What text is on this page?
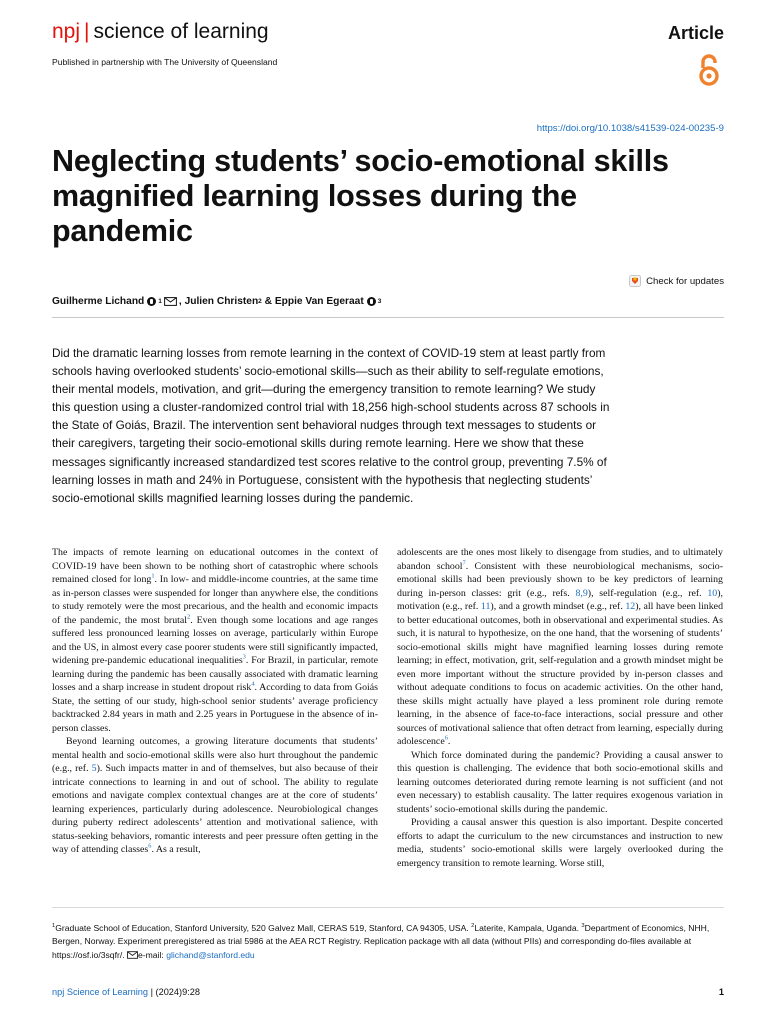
npj | science of learning	Article
Published in partnership with The University of Queensland
https://doi.org/10.1038/s41539-024-00235-9
Neglecting students’ socio-emotional skills magnified learning losses during the pandemic
Check for updates
Guilherme Lichand 1 , Julien Christen 2 & Eppie Van Egeraat 3
Did the dramatic learning losses from remote learning in the context of COVID-19 stem at least partly from schools having overlooked students’ socio-emotional skills—such as their ability to self-regulate emotions, their mental models, motivation, and grit—during the emergency transition to remote learning? We study this question using a cluster-randomized control trial with 18,256 high-school students across 87 schools in the State of Goiás, Brazil. The intervention sent behavioral nudges through text messages to students or their caregivers, targeting their socio-emotional skills during remote learning. Here we show that these messages significantly increased standardized test scores relative to the control group, preventing 7.5% of learning losses in math and 24% in Portuguese, consistent with the hypothesis that neglecting students’ socio-emotional skills magnified learning losses during the pandemic.

The impacts of remote learning on educational outcomes in the context of COVID-19 have been shown to be nothing short of catastrophic where schools remained closed for long$^1$. In low- and middle-income countries, at the same time as in-person classes were suspended for longer than anywhere else, the conditions to study remotely were the most precarious, and the health and economic impacts of the pandemic, the most brutal$^2$. Even though some locations and age ranges suffered less pronounced learning losses on average, particularly within Europe and the US, in almost every case poorer students were still significantly impacted, widening pre-pandemic educational inequalities$^3$. For Brazil, in particular, remote learning during the pandemic has been causally associated with dramatic learning losses and a sharp increase in student dropout risk$^4$. According to data from Goiás State, the setting of our study, high-school senior students’ average proficiency backtracked 2.84 years in math and 2.25 years in Portuguese in the absence of in-person classes.

Beyond learning outcomes, a growing literature documents that students’ mental health and socio-emotional skills were also hurt throughout the pandemic (e.g., ref. 5). Such impacts matter in and of themselves, but also because of their intricate connections to learning in and out of school. The ability to regulate emotions and navigate complex contextual changes are at the core of students’ learning experiences, particularly during adolescence. Neurobiological changes during puberty redirect adolescents’ attention and motivational salience, with status-seeking behaviors, romantic interests and peer pressure often getting in the way of attending classes$^6$. As a result,

adolescents are the ones most likely to disengage from studies, and to ultimately abandon school$^7$. Consistent with these neurobiological mechanisms, socio-emotional skills had been previously shown to be key predictors of learning during in-person classes: grit (e.g., refs. 8,9), self-regulation (e.g., ref. 10), motivation (e.g., ref. 11), and a growth mindset (e.g., ref. 12), all have been linked to better educational outcomes, both in observational and experimental studies. As such, it is natural to hypothesize, on the one hand, that the worsening of students’ socio-emotional skills might have magnified learning losses during remote learning; in effect, motivation, grit, self-regulation and a growth mindset might be even more important without the structure provided by in-person classes and without adequate conditions to focus on academic activities. On the other hand, these skills might actually have played a less prominent role during remote learning, in the absence of face-to-face interactions, social pressure and other sources of motivational salience that often detract from learning, especially during adolescence$^6$.

Which force dominated during the pandemic? Providing a causal answer to this question is challenging. The evidence that both socio-emotional skills and learning outcomes deteriorated during remote learning is not sufficient (and not even necessary) to establish causality. The latter requires exogenous variation in students’ socio-emotional skills during the pandemic.

Providing a causal answer this question is also important. Despite concerted efforts to adapt the curriculum to the new circumstances and instruction to new media, students’ socio-emotional skills were largely overlooked during the emergency transition to remote learning. Worse still,

$^1$Graduate School of Education, Stanford University, 520 Galvez Mall, CERAS 519, Stanford, CA 94305, USA. $^2$Laterite, Kampala, Uganda. $^3$Department of Economics, NHH, Bergen, Norway. Experiment preregistered as trial 5986 at the AEA RCT Registry. Replication package with all data (without PIIs) and corresponding do-files available at https://osf.io/3sqfr/. e-mail: glichand@stanford.edu
npj Science of Learning | (2024)9:28	1
